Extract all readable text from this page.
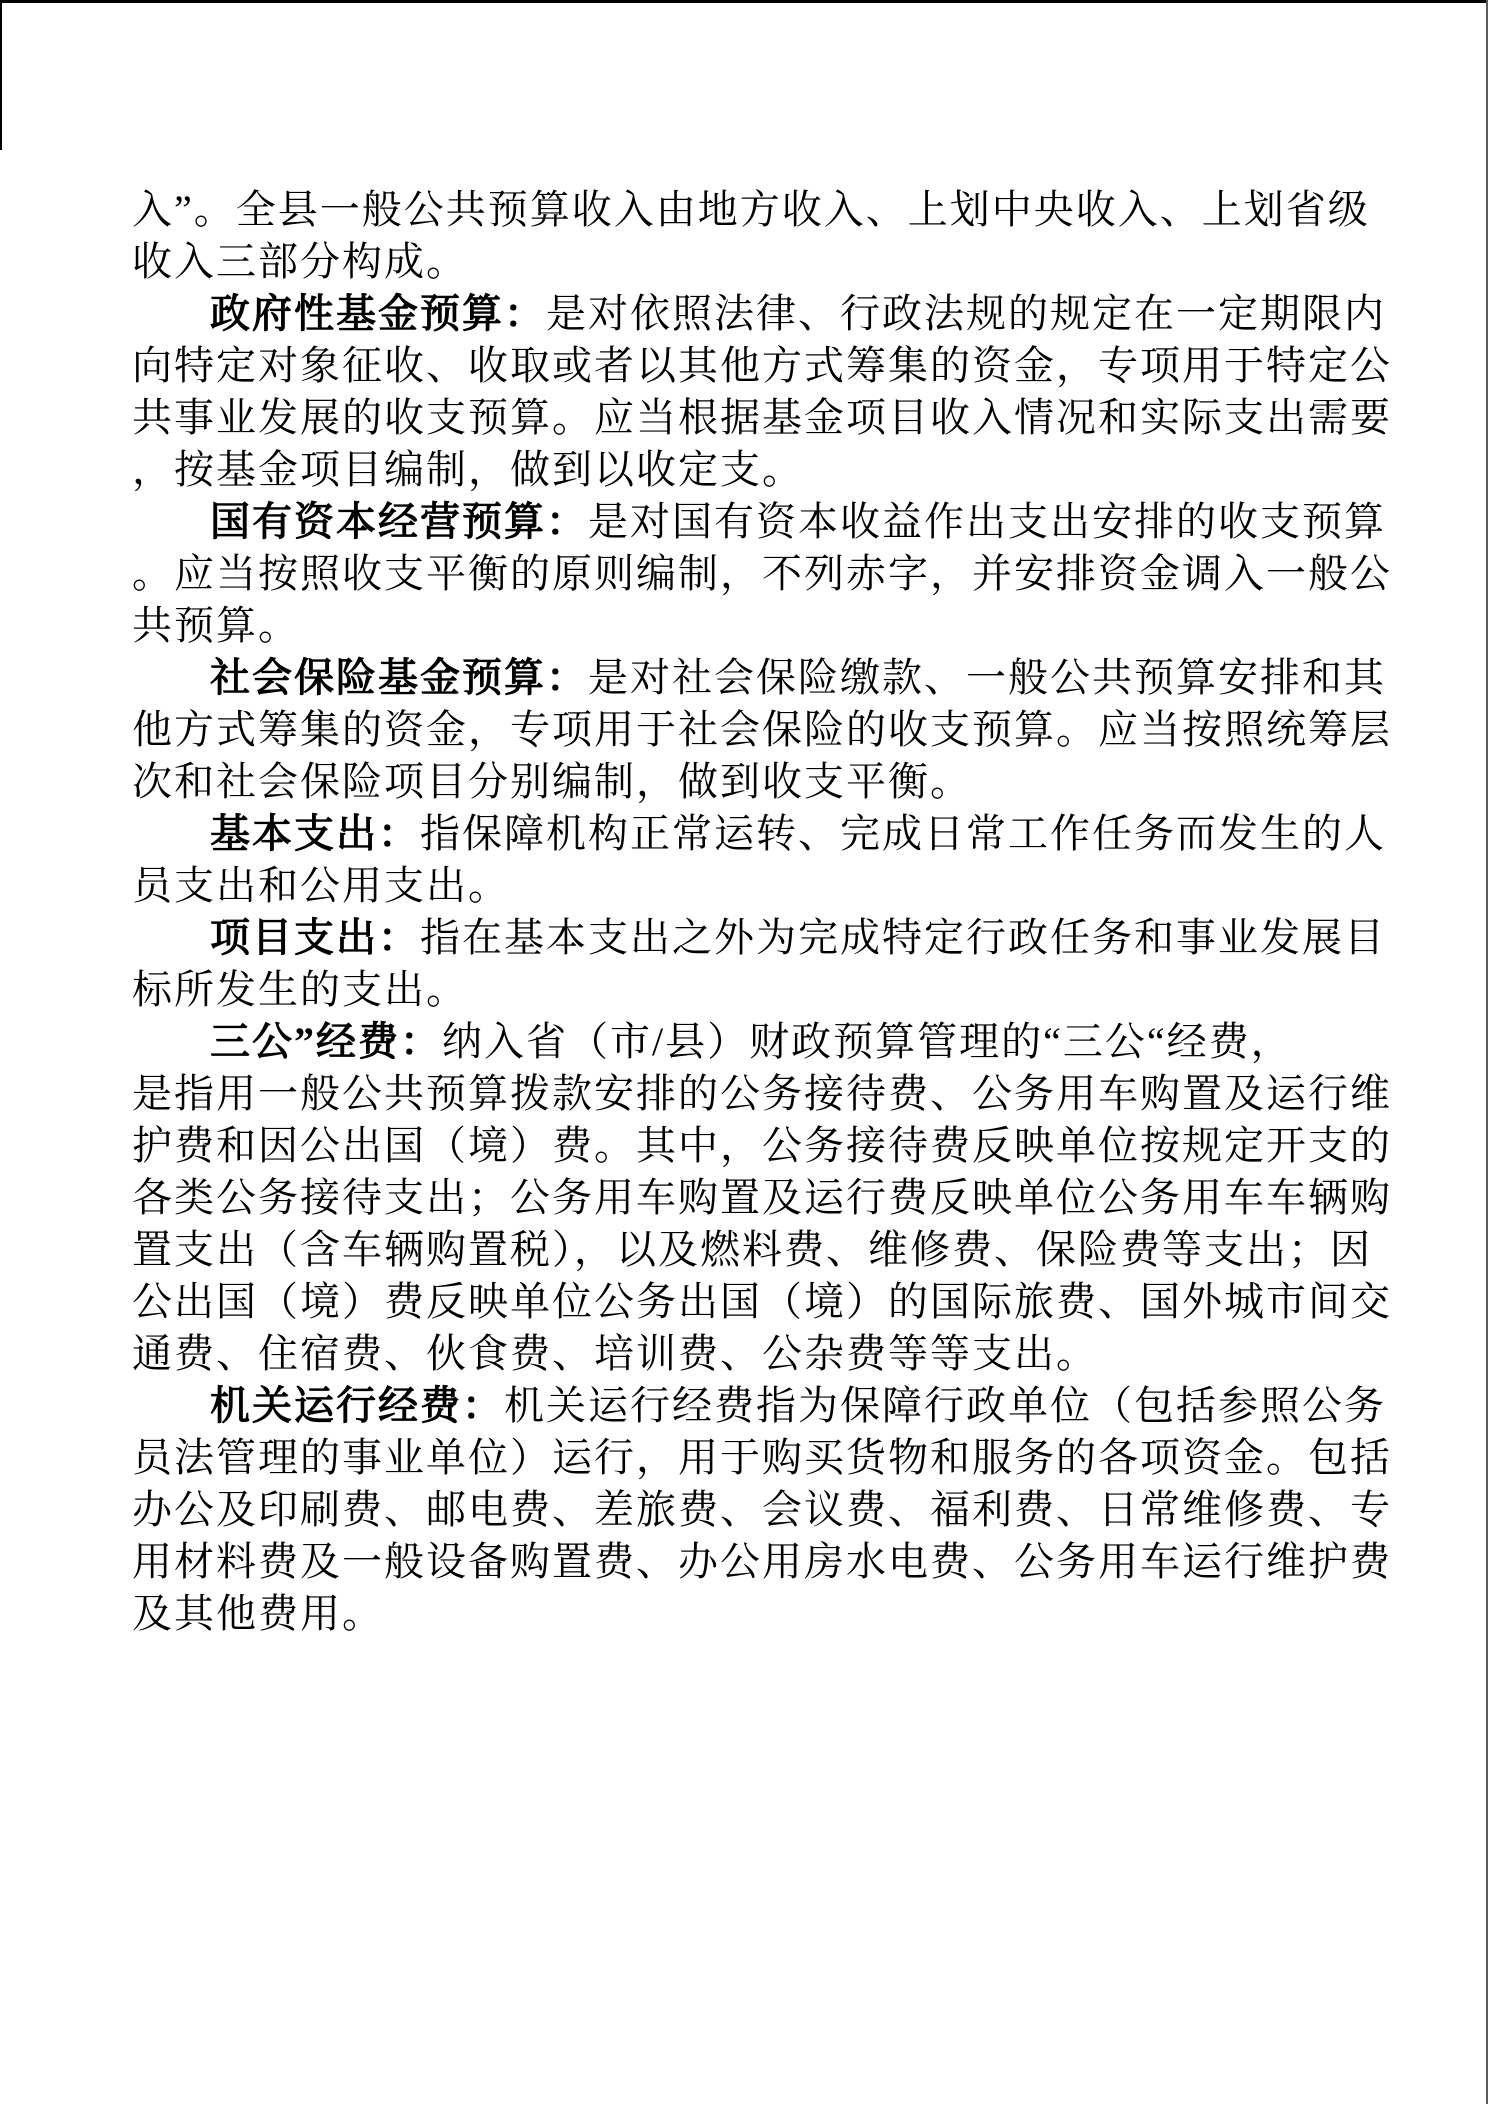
入”。全县一般公共预算收入由地方收入、上划中央收入、上划省级
收入三部分构成。
政府性基金预算：是对依照法律、行政法规的规定在一定期限内
向特定对象征收、收取或者以其他方式筹集的资金，专项用于特定公
共事业发展的收支预算。应当根据基金项目收入情况和实际支出需要
，按基金项目编制，做到以收定支。
国有资本经营预算：是对国有资本收益作出支出安排的收支预算
。应当按照收支平衡的原则编制，不列赤字，并安排资金调入一般公
共预算。
社会保险基金预算：是对社会保险缴款、一般公共预算安排和其
他方式筹集的资金，专项用于社会保险的收支预算。应当按照统筹层
次和社会保险项目分别编制，做到收支平衡。
基本支出：指保障机构正常运转、完成日常工作任务而发生的人
员支出和公用支出。
项目支出：指在基本支出之外为完成特定行政任务和事业发展目
标所发生的支出。
三公”经费：纳入省（市/县）财政预算管理的“三公“经费，
是指用一般公共预算拨款安排的公务接待费、公务用车购置及运行维
护费和因公出国（境）费。其中，公务接待费反映单位按规定开支的
各类公务接待支出；公务用车购置及运行费反映单位公务用车车辆购
置支出（含车辆购置税），以及燃料费、维修费、保险费等支出；因
公出国（境）费反映单位公务出国（境）的国际旅费、国外城市间交
通费、住宿费、伙食费、培训费、公杂费等等支出。
机关运行经费：机关运行经费指为保障行政单位（包括参照公务
员法管理的事业单位）运行，用于购买货物和服务的各项资金。包括
办公及印刷费、邮电费、差旅费、会议费、福利费、日常维修费、专
用材料费及一般设备购置费、办公用房水电费、公务用车运行维护费
及其他费用。
